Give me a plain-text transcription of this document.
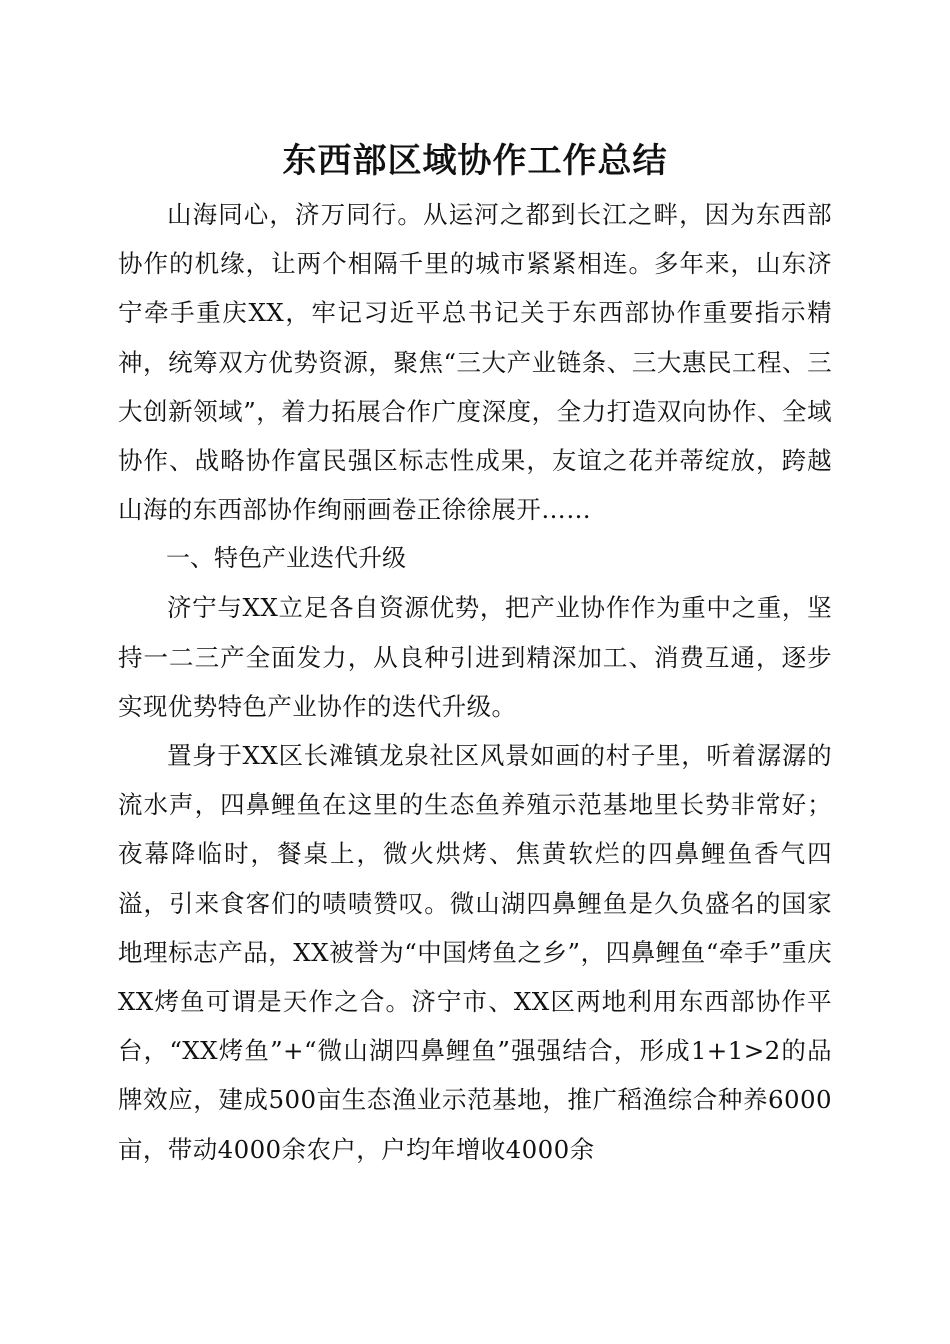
东西部区域协作工作总结

山海同心，济万同行。从运河之都到长江之畔，因为东西部协作的机缘，让两个相隔千里的城市紧紧相连。多年来，山东济宁牵手重庆XX，牢记习近平总书记关于东西部协作重要指示精神，统筹双方优势资源，聚焦“三大产业链条、三大惠民工程、三大创新领域”，着力拓展合作广度深度，全力打造双向协作、全域协作、战略协作富民强区标志性成果，友谊之花并蒂绽放，跨越山海的东西部协作绚丽画卷正徐徐展开……

一、特色产业迭代升级

济宁与XX立足各自资源优势，把产业协作作为重中之重，坚持一二三产全面发力，从良种引进到精深加工、消费互通，逐步实现优势特色产业协作的迭代升级。

置身于XX区长滩镇龙泉社区风景如画的村子里，听着潺潺的流水声，四鼻鲤鱼在这里的生态鱼养殖示范基地里长势非常好；夜幕降临时，餐桌上，微火烘烤、焦黄软烂的四鼻鲤鱼香气四溢，引来食客们的啧啧赞叹。微山湖四鼻鲤鱼是久负盛名的国家地理标志产品，XX被誉为“中国烤鱼之乡”，四鼻鲤鱼“牵手”重庆XX烤鱼可谓是天作之合。济宁市、XX区两地利用东西部协作平台，“XX烤鱼”+“微山湖四鼻鲤鱼”强强结合，形成1+1>2的品牌效应，建成500亩生态渔业示范基地，推广稻渔综合种养6000亩，带动4000余农户，户均年增收4000余
